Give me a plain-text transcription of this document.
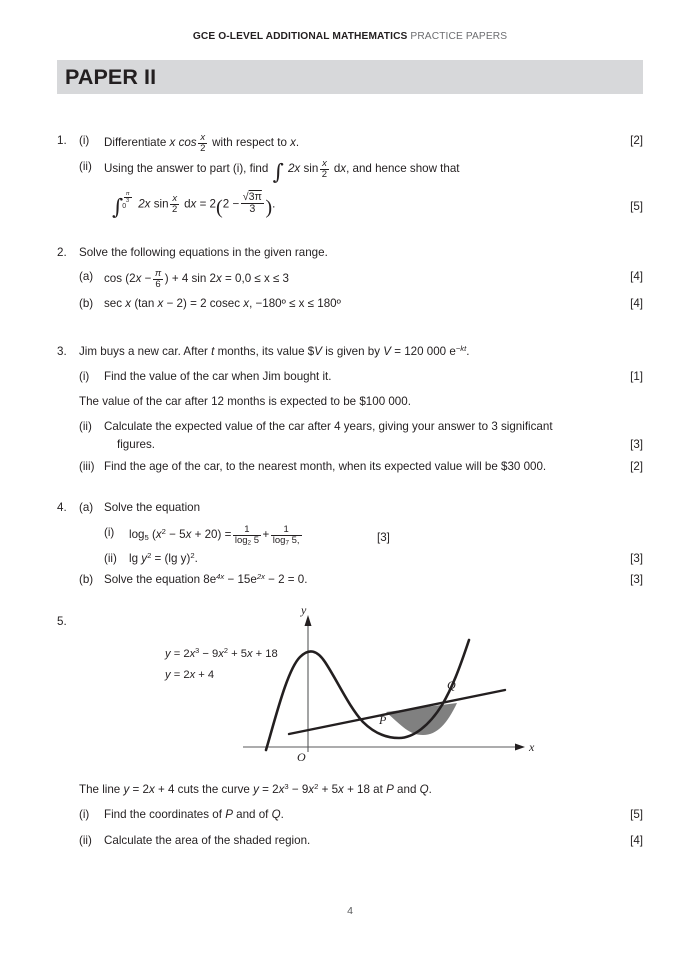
GCE O-LEVEL ADDITIONAL MATHEMATICS PRACTICE PAPERS
PAPER II
1.	(i) Differentiate x $\cos \frac{x}{2}$ with respect to x.	[2]
(ii) Using the answer to part (i), find ∫ 2x $\sin \frac{x}{2}$ dx, and hence show that
∫ $\frac{\pi}{3}$
0	2x $\sin \frac{x}{2}$ dx = $2(2 - \frac{√3\pi}{3}$ ).	[5]
2.	Solve the following equations in the given range.
(a) $\cos (2x - \frac{\pi}{6}$ ) + 4 sin 2x = 0,0 ≤ x ≤ 3	[4]
(b) sec x (tan x − 2) = 2 cosec x, −180º ≤ x ≤ 180º	[4]
3.	Jim buys a new car. After t months, its value $V is given by V = 120 000 $e^{-kt}$.
(i) Find the value of the car when Jim bought it.	[1]
The value of the car after 12 months is expected to be $100 000.
(ii) Calculate the expected value of the car after 4 years, giving your answer to 3 significant
figures.	[3]
(iii) Find the age of the car, to the nearest month, when its expected value will be $30 000.	[2]
4.	(a) Solve the equation
(i) $\log_5 (x^2 - 5x + 20) = \frac{1}{\log_2 5} + \frac{1}{\log_7 5,}$	[3]
(ii) $\lg y^2 = (\lg$ y)$^2$.	[3]
(b) Solve the equation $8e^{4x} - 15e^{2x} - 2 = 0$.	[3]
5.
x
y
O
P
Q
$y = 2x^3 - 9x^2 + 5x + 18$
y = 2x + 4
The line y = 2x + 4 cuts the curve $y = 2x^3 - 9x^2 + 5x + 18$ at P and Q.
(i) Find the coordinates of P and of Q.	[5]
(ii) Calculate the area of the shaded region.	[4]
4
